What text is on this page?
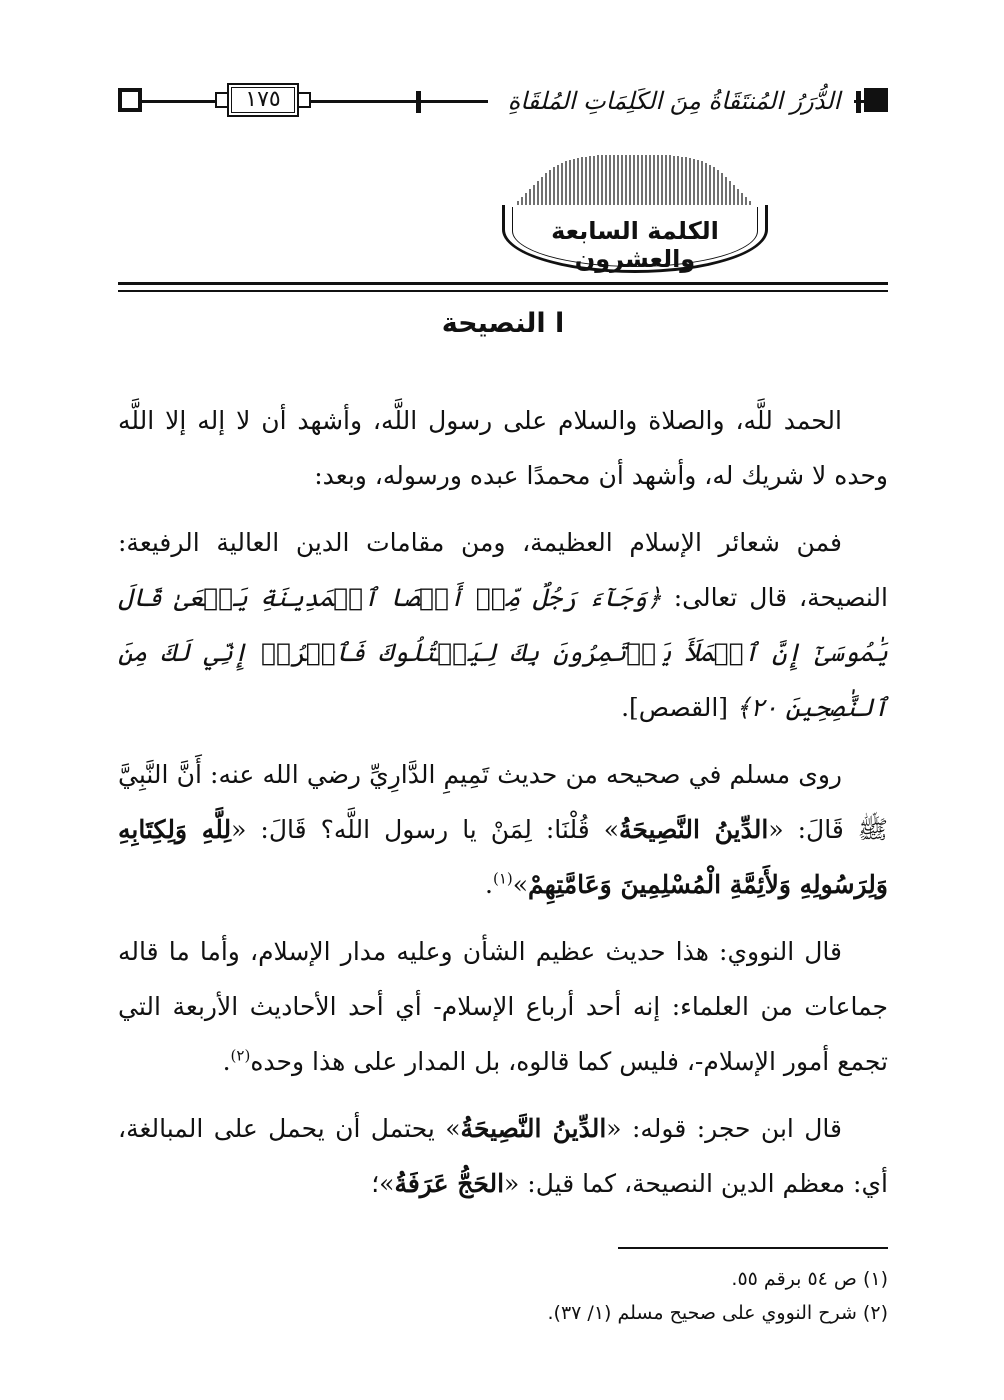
١٧٥	الدُّرَرُ المُنتَقَاةُ مِنَ الكَلِمَاتِ المُلقَاةِ
الكلمة السابعة والعشرون
ا النصيحة

الحمد للَّه، والصلاة والسلام على رسول اللَّه، وأشهد أن لا إله إلا اللَّه وحده لا شريك له، وأشهد أن محمدًا عبده ورسوله، وبعد:

فمن شعائر الإسلام العظيمة، ومن مقامات الدين العالية الرفيعة: النصيحة، قال تعالى: ﴿وَجَآءَ رَجُلٌ مِّنۡ أَقۡصَا ٱلۡمَدِينَةِ يَسۡعَىٰ قَالَ يَٰمُوسَىٰٓ إِنَّ ٱلۡمَلَأَ يَأۡتَمِرُونَ بِكَ لِيَقۡتُلُوكَ فَٱخۡرُجۡ إِنِّي لَكَ مِنَ ٱلنَّٰصِحِينَ ٢٠﴾ [القصص].

روى مسلم في صحيحه من حديث تَمِيمِ الدَّارِيِّ رضي الله عنه: أَنَّ النَّبِيَّ ﷺ قَالَ: «الدِّينُ النَّصِيحَةُ» قُلْنَا: لِمَنْ يا رسول اللَّه؟ قَالَ: «لِلَّهِ وَلِكِتَابِهِ وَلِرَسُولِهِ وَلأَئِمَّةِ الْمُسْلِمِينَ وَعَامَّتِهِمْ»$^{(١)}$.

قال النووي: هذا حديث عظيم الشأن وعليه مدار الإسلام، وأما ما قاله جماعات من العلماء: إنه أحد أرباع الإسلام- أي أحد الأحاديث الأربعة التي تجمع أمور الإسلام-، فليس كما قالوه، بل المدار على هذا وحده$^{(٢)}$.

قال ابن حجر: قوله: «الدِّينُ النَّصِيحَةُ» يحتمل أن يحمل على المبالغة، أي: معظم الدين النصيحة، كما قيل: «الحَجُّ عَرَفَةُ»؛

(١) ص ٥٤ برقم ٥٥.
(٢) شرح النووي على صحيح مسلم (١/ ٣٧).
